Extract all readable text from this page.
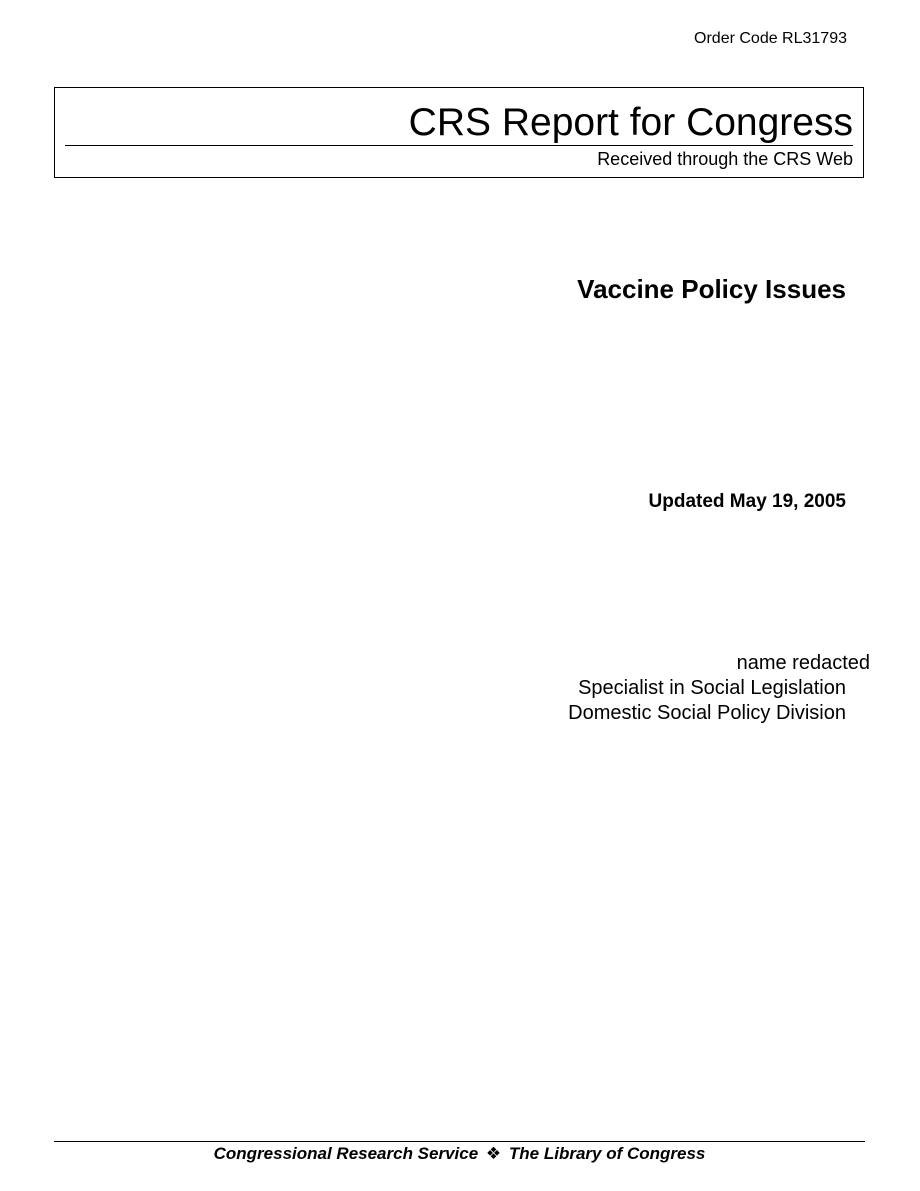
Order Code RL31793
CRS Report for Congress
Received through the CRS Web
Vaccine Policy Issues
Updated May 19, 2005
name redacted
Specialist in Social Legislation
Domestic Social Policy Division
Congressional Research Service ❖ The Library of Congress
